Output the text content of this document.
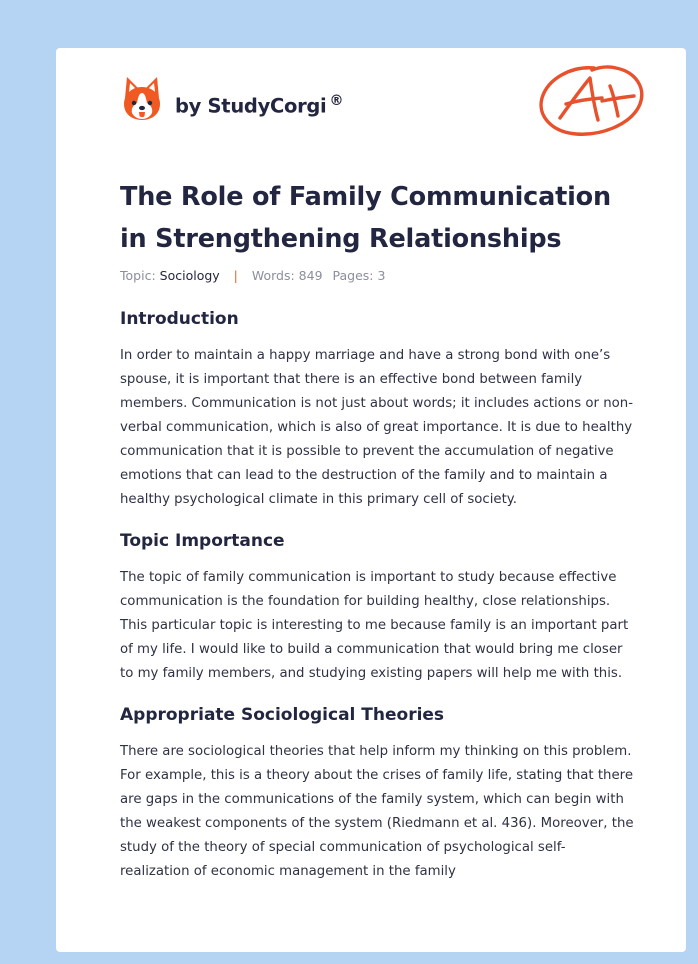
by StudyCorgi ®
The Role of Family Communication in Strengthening Relationships
Topic: Sociology | Words: 849 Pages: 3
Introduction

In order to maintain a happy marriage and have a strong bond with one’s spouse, it is important that there is an effective bond between family members. Communication is not just about words; it includes actions or non-verbal communication, which is also of great importance. It is due to healthy communication that it is possible to prevent the accumulation of negative emotions that can lead to the destruction of the family and to maintain a healthy psychological climate in this primary cell of society.

Topic Importance

The topic of family communication is important to study because effective communication is the foundation for building healthy, close relationships. This particular topic is interesting to me because family is an important part of my life. I would like to build a communication that would bring me closer to my family members, and studying existing papers will help me with this.

Appropriate Sociological Theories

There are sociological theories that help inform my thinking on this problem. For example, this is a theory about the crises of family life, stating that there are gaps in the communications of the family system, which can begin with the weakest components of the system (Riedmann et al. 436). Moreover, the study of the theory of special communication of psychological self-realization of economic management in the family
